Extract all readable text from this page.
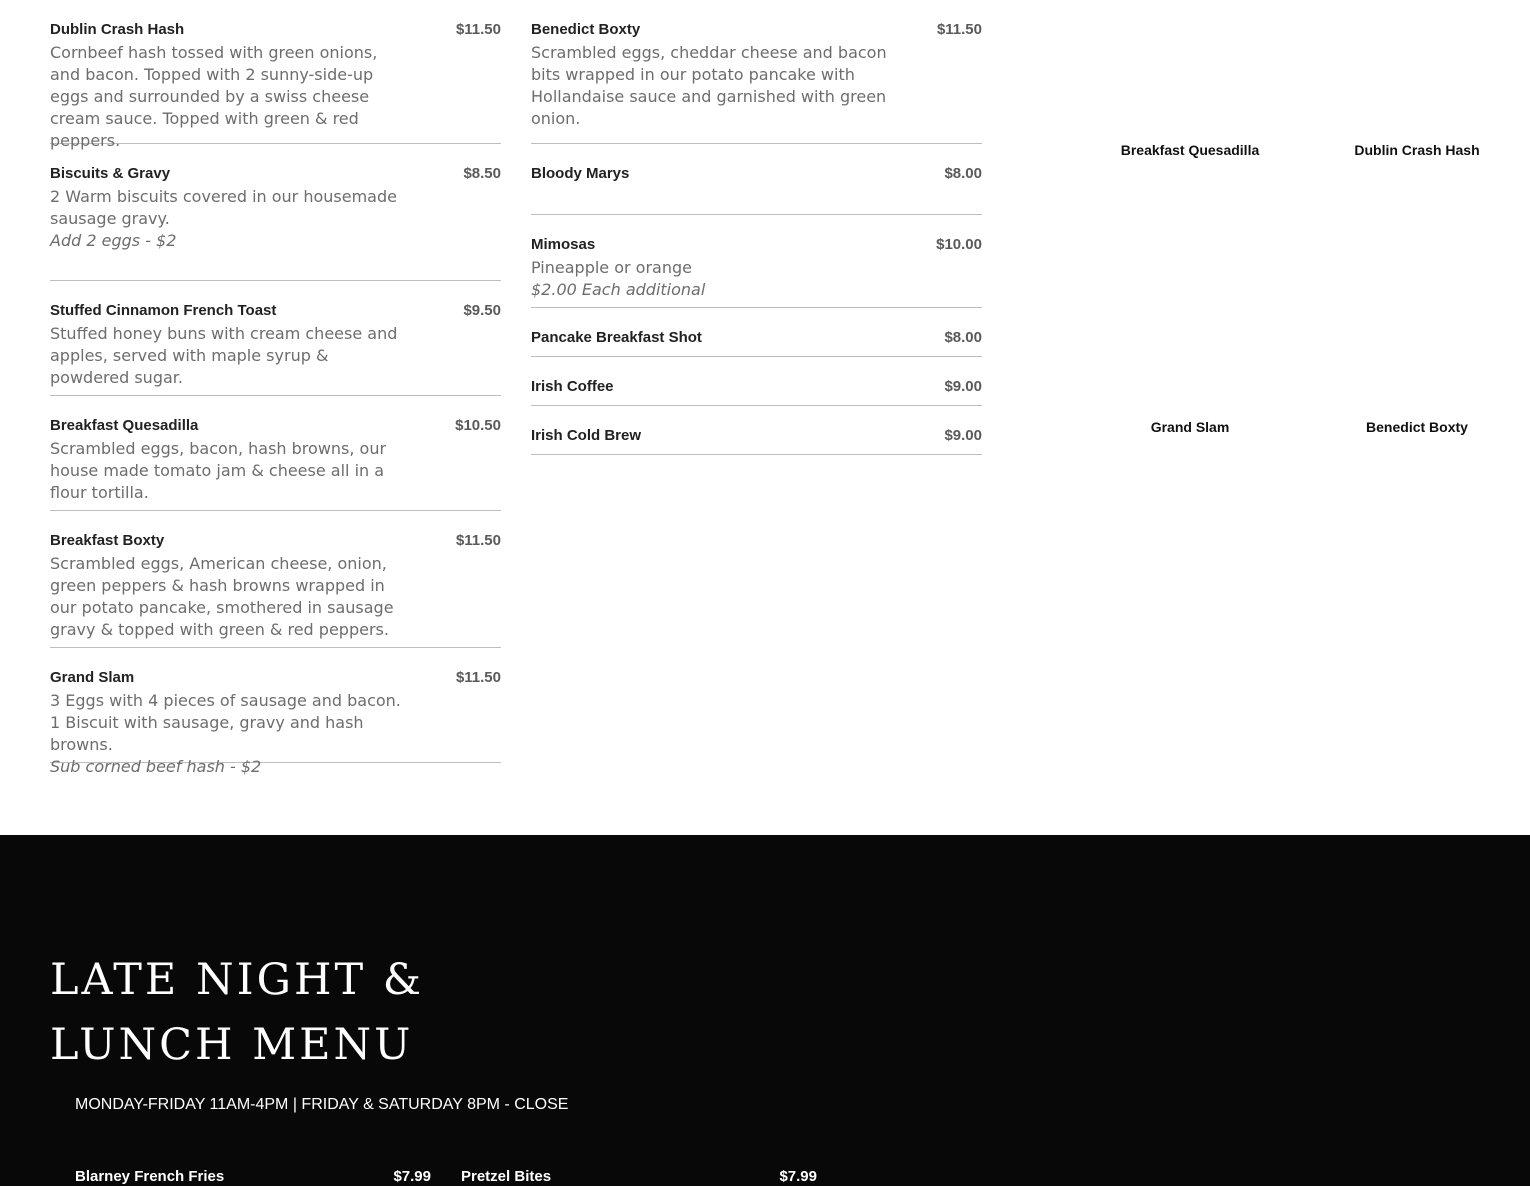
Dublin Crash Hash	$11.50
Cornbeef hash tossed with green onions, and bacon. Topped with 2 sunny-side-up eggs and surrounded by a swiss cheese cream sauce. Topped with green & red peppers.
Biscuits & Gravy	$8.50
2 Warm biscuits covered in our housemade sausage gravy.
Add 2 eggs - $2
Stuffed Cinnamon French Toast	$9.50
Stuffed honey buns with cream cheese and apples, served with maple syrup & powdered sugar.
Breakfast Quesadilla	$10.50
Scrambled eggs, bacon, hash browns, our house made tomato jam & cheese all in a flour tortilla.
Breakfast Boxty	$11.50
Scrambled eggs, American cheese, onion, green peppers & hash browns wrapped in our potato pancake, smothered in sausage gravy & topped with green & red peppers.
Grand Slam	$11.50
3 Eggs with 4 pieces of sausage and bacon. 1 Biscuit with sausage, gravy and hash browns.
Sub corned beef hash - $2
Benedict Boxty	$11.50
Scrambled eggs, cheddar cheese and bacon bits wrapped in our potato pancake with Hollandaise sauce and garnished with green onion.
Bloody Marys	$8.00
Mimosas	$10.00
Pineapple or orange
$2.00 Each additional
Pancake Breakfast Shot	$8.00
Irish Coffee	$9.00
Irish Cold Brew	$9.00
Breakfast Quesadilla	Dublin Crash Hash
Grand Slam	Benedict Boxty
LATE NIGHT & LUNCH MENU
MONDAY-FRIDAY 11AM-4PM | FRIDAY & SATURDAY 8PM - CLOSE
Blarney French Fries	$7.99 Pretzel Bites	$7.99
